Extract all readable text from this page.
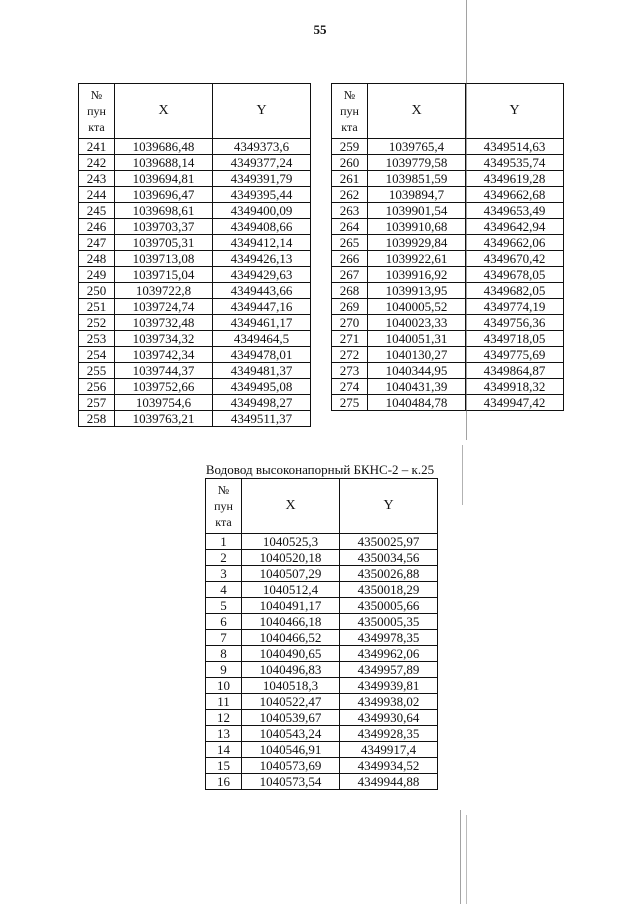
55
№
пун
кта	X	Y
241	1039686,48	4349373,6
242	1039688,14	4349377,24
243	1039694,81	4349391,79
244	1039696,47	4349395,44
245	1039698,61	4349400,09
246	1039703,37	4349408,66
247	1039705,31	4349412,14
248	1039713,08	4349426,13
249	1039715,04	4349429,63
250	1039722,8	4349443,66
251	1039724,74	4349447,16
252	1039732,48	4349461,17
253	1039734,32	4349464,5
254	1039742,34	4349478,01
255	1039744,37	4349481,37
256	1039752,66	4349495,08
257	1039754,6	4349498,27
258	1039763,21	4349511,37
№
пун
кта	X	Y
259	1039765,4	4349514,63
260	1039779,58	4349535,74
261	1039851,59	4349619,28
262	1039894,7	4349662,68
263	1039901,54	4349653,49
264	1039910,68	4349642,94
265	1039929,84	4349662,06
266	1039922,61	4349670,42
267	1039916,92	4349678,05
268	1039913,95	4349682,05
269	1040005,52	4349774,19
270	1040023,33	4349756,36
271	1040051,31	4349718,05
272	1040130,27	4349775,69
273	1040344,95	4349864,87
274	1040431,39	4349918,32
275	1040484,78	4349947,42
Водовод высоконапорный БКНС-2 – к.25
№
пун
кта	X	Y
1	1040525,3	4350025,97
2	1040520,18	4350034,56
3	1040507,29	4350026,88
4	1040512,4	4350018,29
5	1040491,17	4350005,66
6	1040466,18	4350005,35
7	1040466,52	4349978,35
8	1040490,65	4349962,06
9	1040496,83	4349957,89
10	1040518,3	4349939,81
11	1040522,47	4349938,02
12	1040539,67	4349930,64
13	1040543,24	4349928,35
14	1040546,91	4349917,4
15	1040573,69	4349934,52
16	1040573,54	4349944,88
